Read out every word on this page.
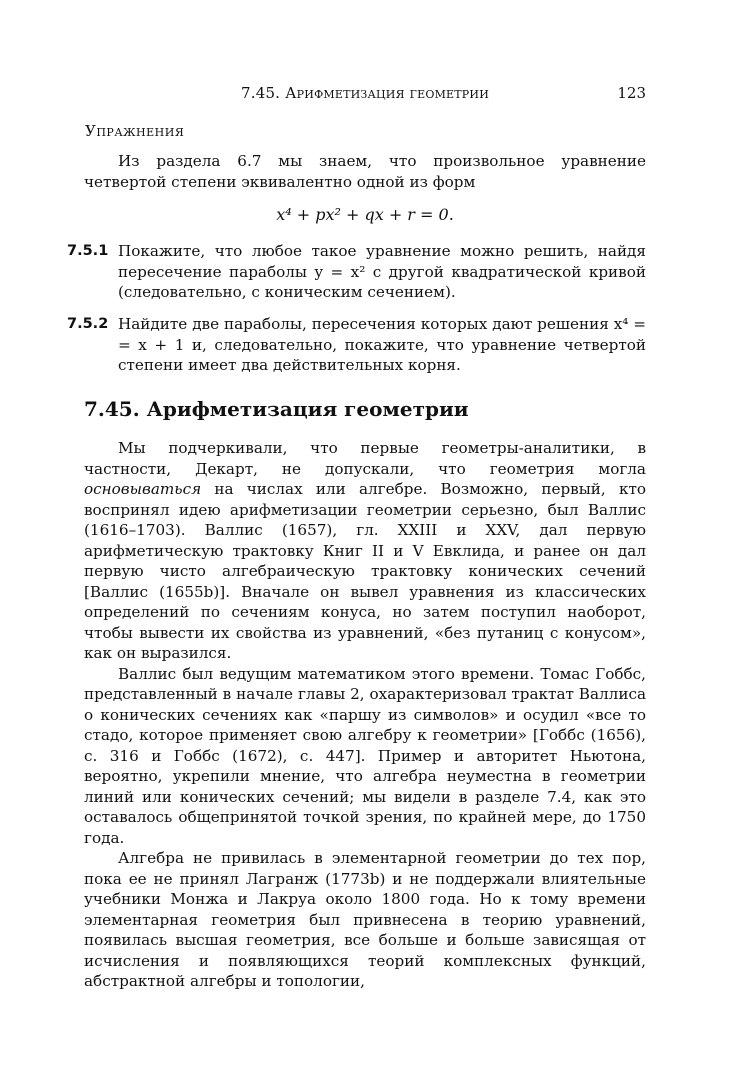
7.45. Арифметизация геометрии	123
Упражнения

Из раздела 6.7 мы знаем, что произвольное уравнение четвертой степени эквивалентно одной из форм

x⁴ + px² + qx + r = 0.
7.5.1 Покажите, что любое такое уравнение можно решить, найдя пересечение параболы y = x² с другой квадратической кривой (следовательно, с коническим сечением).
7.5.2 Найдите две параболы, пересечения которых дают решения x⁴ = = x + 1 и, следовательно, покажите, что уравнение четвертой степени имеет два действительных корня.
7.45. Арифметизация геометрии

Мы подчеркивали, что первые геометры-аналитики, в частности, Декарт, не допускали, что геометрия могла основываться на числах или алгебре. Возможно, первый, кто воспринял идею арифметизации геометрии серьезно, был Валлис (1616–1703). Валлис (1657), гл. XXIII и XXV, дал первую арифметическую трактовку Книг II и V Евклида, и ранее он дал первую чисто алгебраическую трактовку конических сечений [Валлис (1655b)]. Вначале он вывел уравнения из классических определений по сечениям конуса, но затем поступил наоборот, чтобы вывести их свойства из уравнений, «без путаниц с конусом», как он выразился.

Валлис был ведущим математиком этого времени. Томас Гоббс, представленный в начале главы 2, охарактеризовал трактат Валлиса о конических сечениях как «паршу из символов» и осудил «все то стадо, которое применяет свою алгебру к геометрии» [Гоббс (1656), с. 316 и Гоббс (1672), с. 447]. Пример и авторитет Ньютона, вероятно, укрепили мнение, что алгебра неуместна в геометрии линий или конических сечений; мы видели в разделе 7.4, как это оставалось общепринятой точкой зрения, по крайней мере, до 1750 года.

Алгебра не привилась в элементарной геометрии до тех пор, пока ее не принял Лагранж (1773b) и не поддержали влиятельные учебники Монжа и Лакруа около 1800 года. Но к тому времени элементарная геометрия был привнесена в теорию уравнений, появилась высшая геометрия, все больше и больше зависящая от исчисления и появляющихся теорий комплексных функций, абстрактной алгебры и топологии,
